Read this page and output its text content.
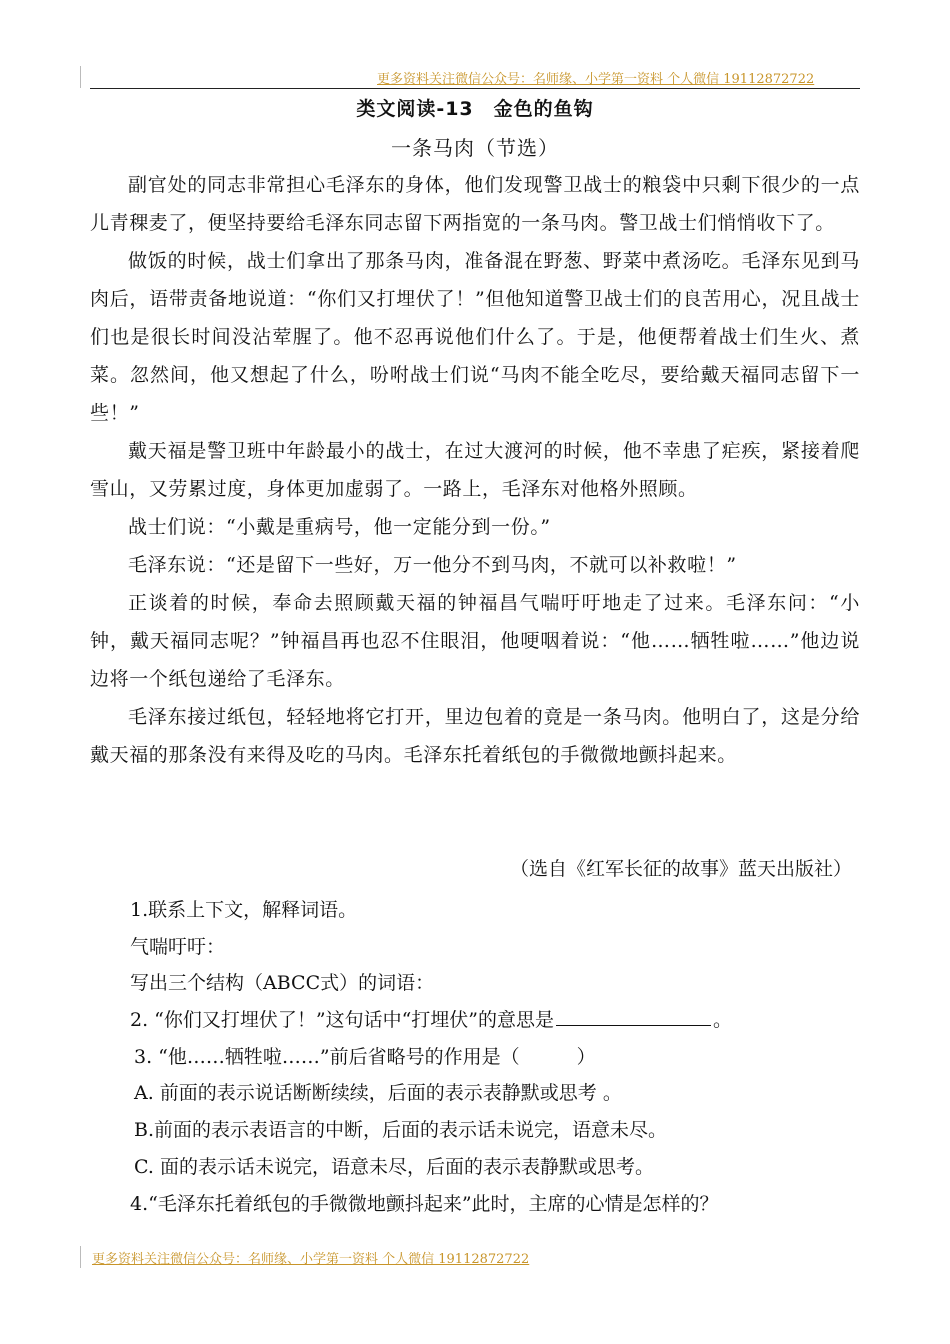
更多资料关注微信公众号：名师缘、小学第一资料 个人微信 19112872722
类文阅读-13　金色的鱼钩
一条马肉（节选）

副官处的同志非常担心毛泽东的身体，他们发现警卫战士的粮袋中只剩下很少的一点儿青稞麦了，便坚持要给毛泽东同志留下两指宽的一条马肉。警卫战士们悄悄收下了。

做饭的时候，战士们拿出了那条马肉，准备混在野葱、野菜中煮汤吃。毛泽东见到马肉后，语带责备地说道：“你们又打埋伏了！”但他知道警卫战士们的良苦用心，况且战士们也是很长时间没沾荤腥了。他不忍再说他们什么了。于是，他便帮着战士们生火、煮菜。忽然间，他又想起了什么，吩咐战士们说“马肉不能全吃尽，要给戴天福同志留下一些！”

戴天福是警卫班中年龄最小的战士，在过大渡河的时候，他不幸患了疟疾，紧接着爬雪山，又劳累过度，身体更加虚弱了。一路上，毛泽东对他格外照顾。

战士们说：“小戴是重病号，他一定能分到一份。”

毛泽东说：“还是留下一些好，万一他分不到马肉，不就可以补救啦！”

正谈着的时候，奉命去照顾戴天福的钟福昌气喘吁吁地走了过来。毛泽东问：“小钟，戴天福同志呢？”钟福昌再也忍不住眼泪，他哽咽着说：“他……牺牲啦……”他边说边将一个纸包递给了毛泽东。

毛泽东接过纸包，轻轻地将它打开，里边包着的竟是一条马肉。他明白了，这是分给戴天福的那条没有来得及吃的马肉。毛泽东托着纸包的手微微地颤抖起来。

（选自《红军长征的故事》蓝天出版社）
1.联系上下文，解释词语。
气喘吁吁：
写出三个结构（ABCC式）的词语：
2. “你们又打埋伏了！”这句话中“打埋伏”的意思是	。
3. “他……牺牲啦……”前后省略号的作用是（　　　）
A. 前面的表示说话断断续续，后面的表示表静默或思考 。
B.前面的表示表语言的中断，后面的表示话未说完，语意未尽。
C. 面的表示话未说完，语意未尽，后面的表示表静默或思考。
4.“毛泽东托着纸包的手微微地颤抖起来”此时，主席的心情是怎样的？
更多资料关注微信公众号：名师缘、小学第一资料 个人微信 19112872722
